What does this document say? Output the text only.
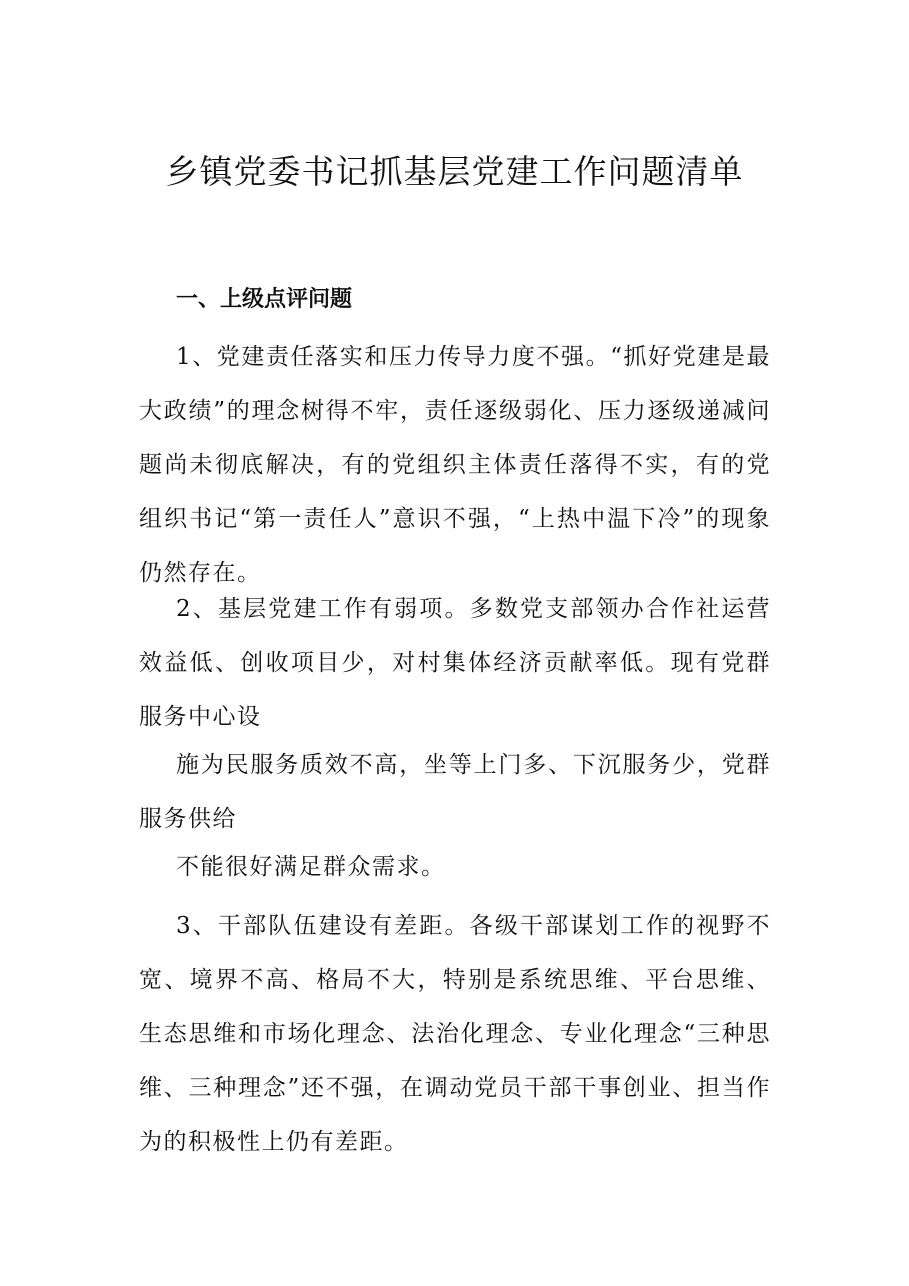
乡镇党委书记抓基层党建工作问题清单
一、上级点评问题

1、党建责任落实和压力传导力度不强。“抓好党建是最大政绩”的理念树得不牢，责任逐级弱化、压力逐级递减问题尚未彻底解决，有的党组织主体责任落得不实，有的党组织书记“第一责任人”意识不强，“上热中温下冷”的现象仍然存在。

2、基层党建工作有弱项。多数党支部领办合作社运营效益低、创收项目少，对村集体经济贡献率低。现有党群服务中心设

施为民服务质效不高，坐等上门多、下沉服务少，党群服务供给

不能很好满足群众需求。

3、干部队伍建设有差距。各级干部谋划工作的视野不宽、境界不高、格局不大，特别是系统思维、平台思维、生态思维和市场化理念、法治化理念、专业化理念“三种思维、三种理念”还不强，在调动党员干部干事创业、担当作为的积极性上仍有差距。
